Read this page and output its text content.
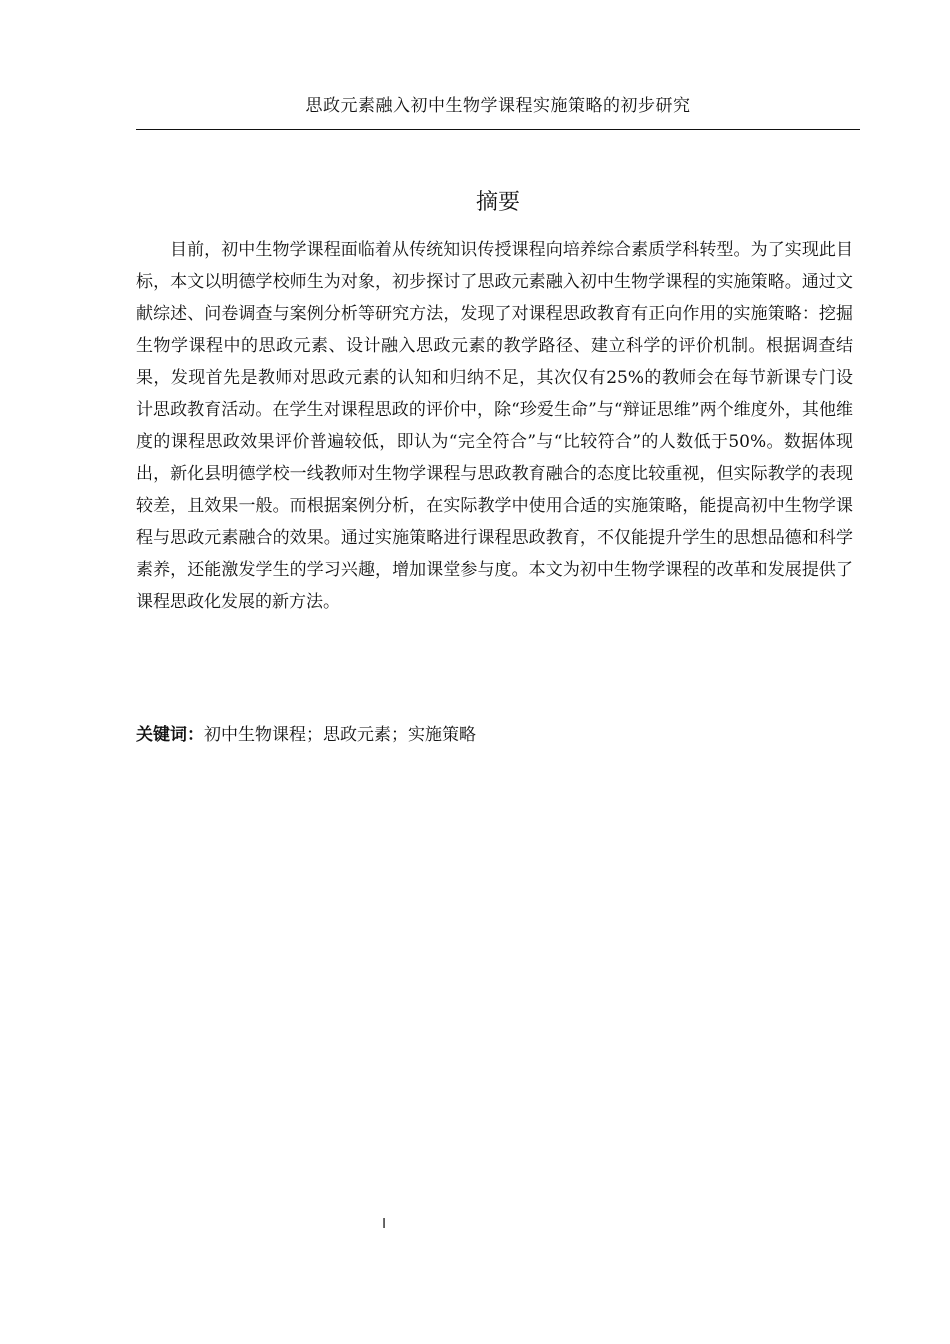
思政元素融入初中生物学课程实施策略的初步研究
摘要

目前，初中生物学课程面临着从传统知识传授课程向培养综合素质学科转型。为了实现此目标，本文以明德学校师生为对象，初步探讨了思政元素融入初中生物学课程的实施策略。通过文献综述、问卷调查与案例分析等研究方法，发现了对课程思政教育有正向作用的实施策略：挖掘生物学课程中的思政元素、设计融入思政元素的教学路径、建立科学的评价机制。根据调查结果，发现首先是教师对思政元素的认知和归纳不足，其次仅有25%的教师会在每节新课专门设计思政教育活动。在学生对课程思政的评价中，除“珍爱生命”与“辩证思维”两个维度外，其他维度的课程思政效果评价普遍较低，即认为“完全符合”与“比较符合”的人数低于50%。数据体现出，新化县明德学校一线教师对生物学课程与思政教育融合的态度比较重视，但实际教学的表现较差，且效果一般。而根据案例分析，在实际教学中使用合适的实施策略，能提高初中生物学课程与思政元素融合的效果。通过实施策略进行课程思政教育，不仅能提升学生的思想品德和科学素养，还能激发学生的学习兴趣，增加课堂参与度。本文为初中生物学课程的改革和发展提供了课程思政化发展的新方法。

关键词：初中生物课程；思政元素；实施策略
I
